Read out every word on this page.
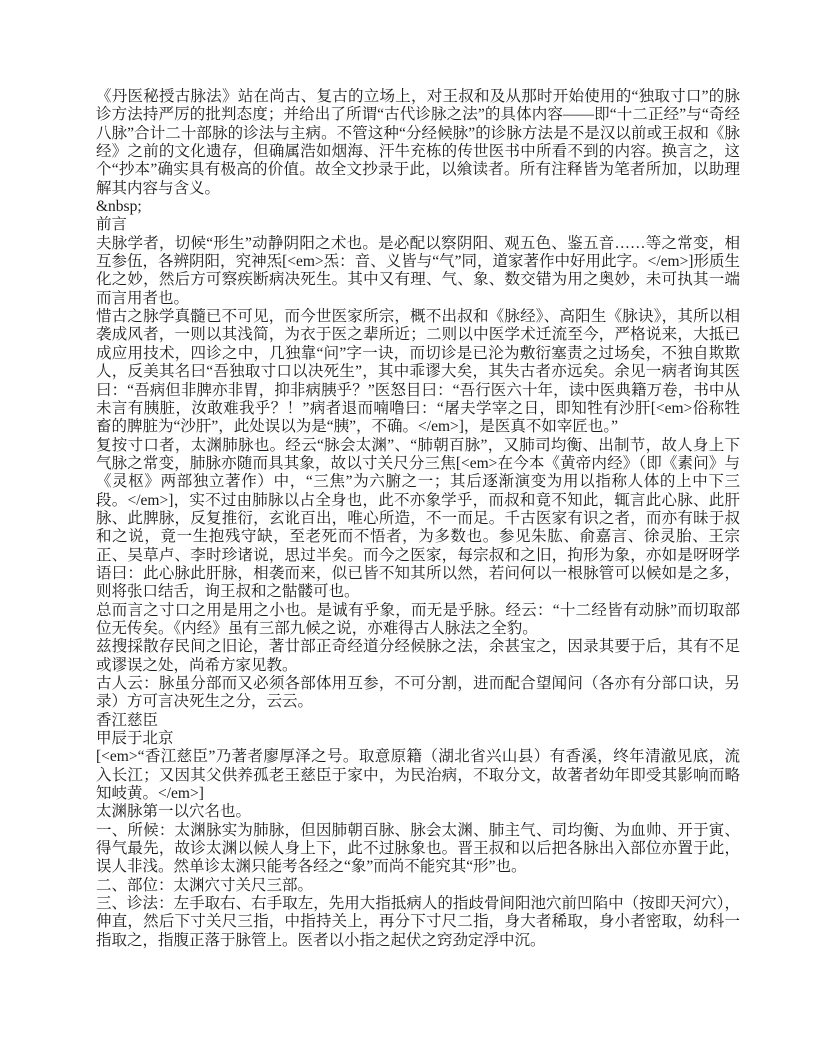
《丹医秘授古脉法》站在尚古、复古的立场上，对王叔和及从那时开始使用的“独取寸口”的脉诊方法持严厉的批判态度；并给出了所谓“古代诊脉之法”的具体内容——即“十二正经”与“奇经八脉”合计二十部脉的诊法与主病。不管这种“分经候脉”的诊脉方法是不是汉以前或王叔和《脉经》之前的文化遗存，但确属浩如烟海、汗牛充栋的传世医书中所看不到的内容。换言之，这个“抄本”确实具有极高的价值。故全文抄录于此，以飨读者。所有注释皆为笔者所加，以助理解其内容与含义。

&nbsp;

前言

夫脉学者，切候“形生”动静阴阳之术也。是必配以察阴阳、观五色、鉴五音……等之常变，相互参伍，各辨阴阳，究神炁[<em>炁：音、义皆与“气”同，道家著作中好用此字。</em>]形质生化之妙，然后方可察疾断病决死生。其中又有理、气、象、数交错为用之奥妙，未可执其一端而言用者也。

惜古之脉学真髓已不可见，而今世医家所宗，概不出叔和《脉经》、高阳生《脉诀》，其所以相袭成风者，一则以其浅简，为衣于医之辈所近；二则以中医学术迁流至今，严格说来，大抵已成应用技术，四诊之中，几独靠“问”字一诀，而切诊是已沦为敷衍塞责之过场矣，不独自欺欺人，反美其名曰“吾独取寸口以决死生”，其中乖谬大矣，其失古者亦远矣。余见一病者询其医曰：“吾病但非脾亦非胃，抑非病胰乎？”医怒目曰：“吾行医六十年，读中医典籍万卷，书中从未言有胰脏，汝敢难我乎？！”病者退而喃噜曰：“屠夫学宰之日，即知牲有沙肝[<em>俗称牲畜的脾脏为“沙肝”，此处误以为是“胰”，不确。</em>]，是医真不如宰匠也。”

复按寸口者，太渊肺脉也。经云“脉会太渊”、“肺朝百脉”，又肺司均衡、出制节，故人身上下气脉之常变，肺脉亦随而具其象，故以寸关尺分三焦[<em>在今本《黄帝内经》（即《素问》与《灵枢》两部独立著作）中，“三焦”为六腑之一；其后逐渐演变为用以指称人体的上中下三段。</em>]，实不过由肺脉以占全身也，此不亦象学乎，而叔和竟不知此，辄言此心脉、此肝脉、此脾脉，反复推衍，玄讹百出，唯心所造，不一而足。千古医家有识之者，而亦有昧于叔和之说，竟一生抱残守缺，至老死而不悟者，为多数也。参见朱肱、俞嘉言、徐灵胎、王宗正、吴草卢、李时珍诸说，思过半矣。而今之医家，每宗叔和之旧，拘形为象，亦如是呀呀学语曰：此心脉此肝脉，相袭而来，似已皆不知其所以然，若问何以一根脉管可以候如是之多，则将张口结舌，询王叔和之骷髅可也。

总而言之寸口之用是用之小也。是诚有乎象，而无是乎脉。经云：“十二经皆有动脉”而切取部位无传矣。《内经》虽有三部九候之说，亦难得古人脉法之全豹。

兹搜採散存民间之旧论，著廿部正奇经道分经候脉之法，余甚宝之，因录其要于后，其有不足或谬误之处，尚希方家见教。

古人云：脉虽分部而又必须各部体用互参，不可分割，进而配合望闻问（各亦有分部口诀，另录）方可言决死生之分，云云。

香江慈臣

甲辰于北京

[<em>“香江慈臣”乃著者廖厚泽之号。取意原籍（湖北省兴山县）有香溪，终年清澈见底，流入长江；又因其父供养孤老王慈臣于家中，为民治病，不取分文，故著者幼年即受其影响而略知岐黄。</em>]

太渊脉第一以穴名也。

一、所候：太渊脉实为肺脉，但因肺朝百脉、脉会太渊、肺主气、司均衡、为血帅、开于寅、得气最先，故诊太渊以候人身上下，此不过脉象也。晋王叔和以后把各脉出入部位亦置于此，误人非浅。然单诊太渊只能考各经之“象”而尚不能究其“形”也。

二、部位：太渊穴寸关尺三部。

三、诊法：左手取右、右手取左，先用大指抵病人的指歧骨间阳池穴前凹陷中（按即天河穴），伸直，然后下寸关尺三指，中指持关上，再分下寸尺二指，身大者稀取，身小者密取，幼科一指取之，指腹正落于脉管上。医者以小指之起伏之窍劲定浮中沉。
